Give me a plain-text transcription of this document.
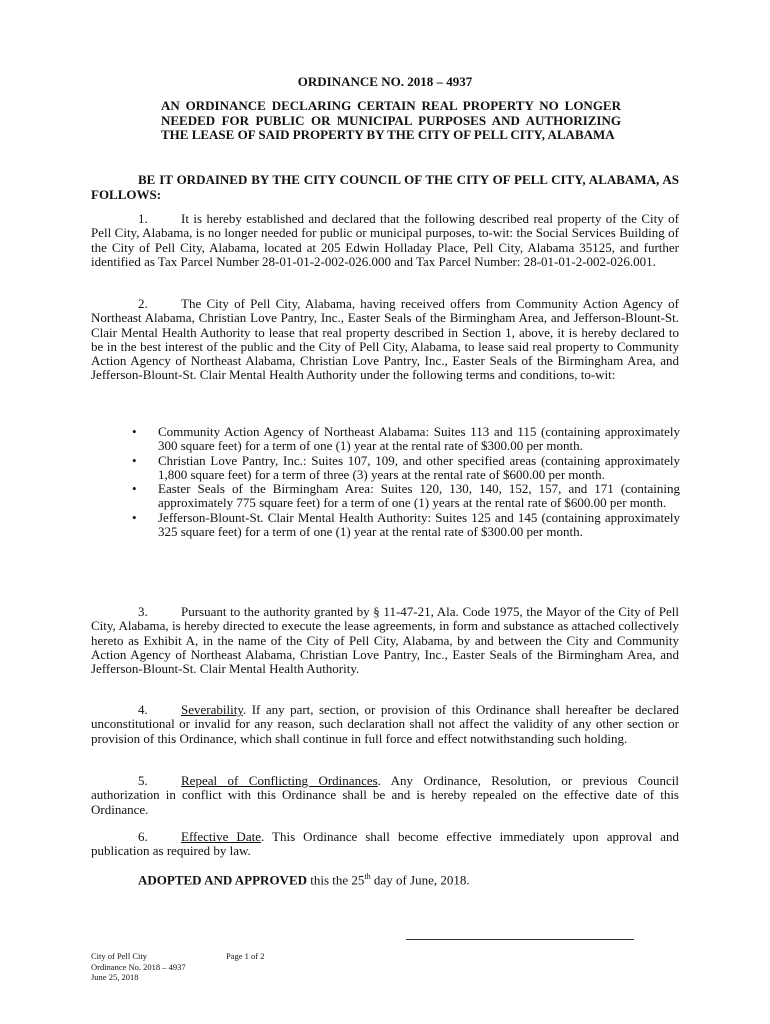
ORDINANCE NO. 2018 – 4937
AN ORDINANCE DECLARING CERTAIN REAL PROPERTY NO LONGER NEEDED FOR PUBLIC OR MUNICIPAL PURPOSES AND AUTHORIZING THE LEASE OF SAID PROPERTY BY THE CITY OF PELL CITY, ALABAMA
BE IT ORDAINED BY THE CITY COUNCIL OF THE CITY OF PELL CITY, ALABAMA, AS FOLLOWS:
1.	It is hereby established and declared that the following described real property of the City of Pell City, Alabama, is no longer needed for public or municipal purposes, to-wit: the Social Services Building of the City of Pell City, Alabama, located at 205 Edwin Holladay Place, Pell City, Alabama 35125, and further identified as Tax Parcel Number 28-01-01-2-002-026.000 and Tax Parcel Number: 28-01-01-2-002-026.001.
2.	The City of Pell City, Alabama, having received offers from Community Action Agency of Northeast Alabama, Christian Love Pantry, Inc., Easter Seals of the Birmingham Area, and Jefferson-Blount-St. Clair Mental Health Authority to lease that real property described in Section 1, above, it is hereby declared to be in the best interest of the public and the City of Pell City, Alabama, to lease said real property to Community Action Agency of Northeast Alabama, Christian Love Pantry, Inc., Easter Seals of the Birmingham Area, and Jefferson-Blount-St. Clair Mental Health Authority under the following terms and conditions, to-wit:
• Community Action Agency of Northeast Alabama: Suites 113 and 115 (containing approximately 300 square feet) for a term of one (1) year at the rental rate of $300.00 per month.
• Christian Love Pantry, Inc.: Suites 107, 109, and other specified areas (containing approximately 1,800 square feet) for a term of three (3) years at the rental rate of $600.00 per month.
• Easter Seals of the Birmingham Area: Suites 120, 130, 140, 152, 157, and 171 (containing approximately 775 square feet) for a term of one (1) years at the rental rate of $600.00 per month.
• Jefferson-Blount-St. Clair Mental Health Authority: Suites 125 and 145 (containing approximately 325 square feet) for a term of one (1) year at the rental rate of $300.00 per month.
3.	Pursuant to the authority granted by § 11-47-21, Ala. Code 1975, the Mayor of the City of Pell City, Alabama, is hereby directed to execute the lease agreements, in form and substance as attached collectively hereto as Exhibit A, in the name of the City of Pell City, Alabama, by and between the City and Community Action Agency of Northeast Alabama, Christian Love Pantry, Inc., Easter Seals of the Birmingham Area, and Jefferson-Blount-St. Clair Mental Health Authority.
4.	Severability. If any part, section, or provision of this Ordinance shall hereafter be declared unconstitutional or invalid for any reason, such declaration shall not affect the validity of any other section or provision of this Ordinance, which shall continue in full force and effect notwithstanding such holding.
5.	Repeal of Conflicting Ordinances. Any Ordinance, Resolution, or previous Council authorization in conflict with this Ordinance shall be and is hereby repealed on the effective date of this Ordinance.
6.	Effective Date. This Ordinance shall become effective immediately upon approval and publication as required by law.
ADOPTED AND APPROVED this the 25th day of June, 2018.
City of Pell City
Ordinance No. 2018 – 4937
June 25, 2018
Page 1 of 2
